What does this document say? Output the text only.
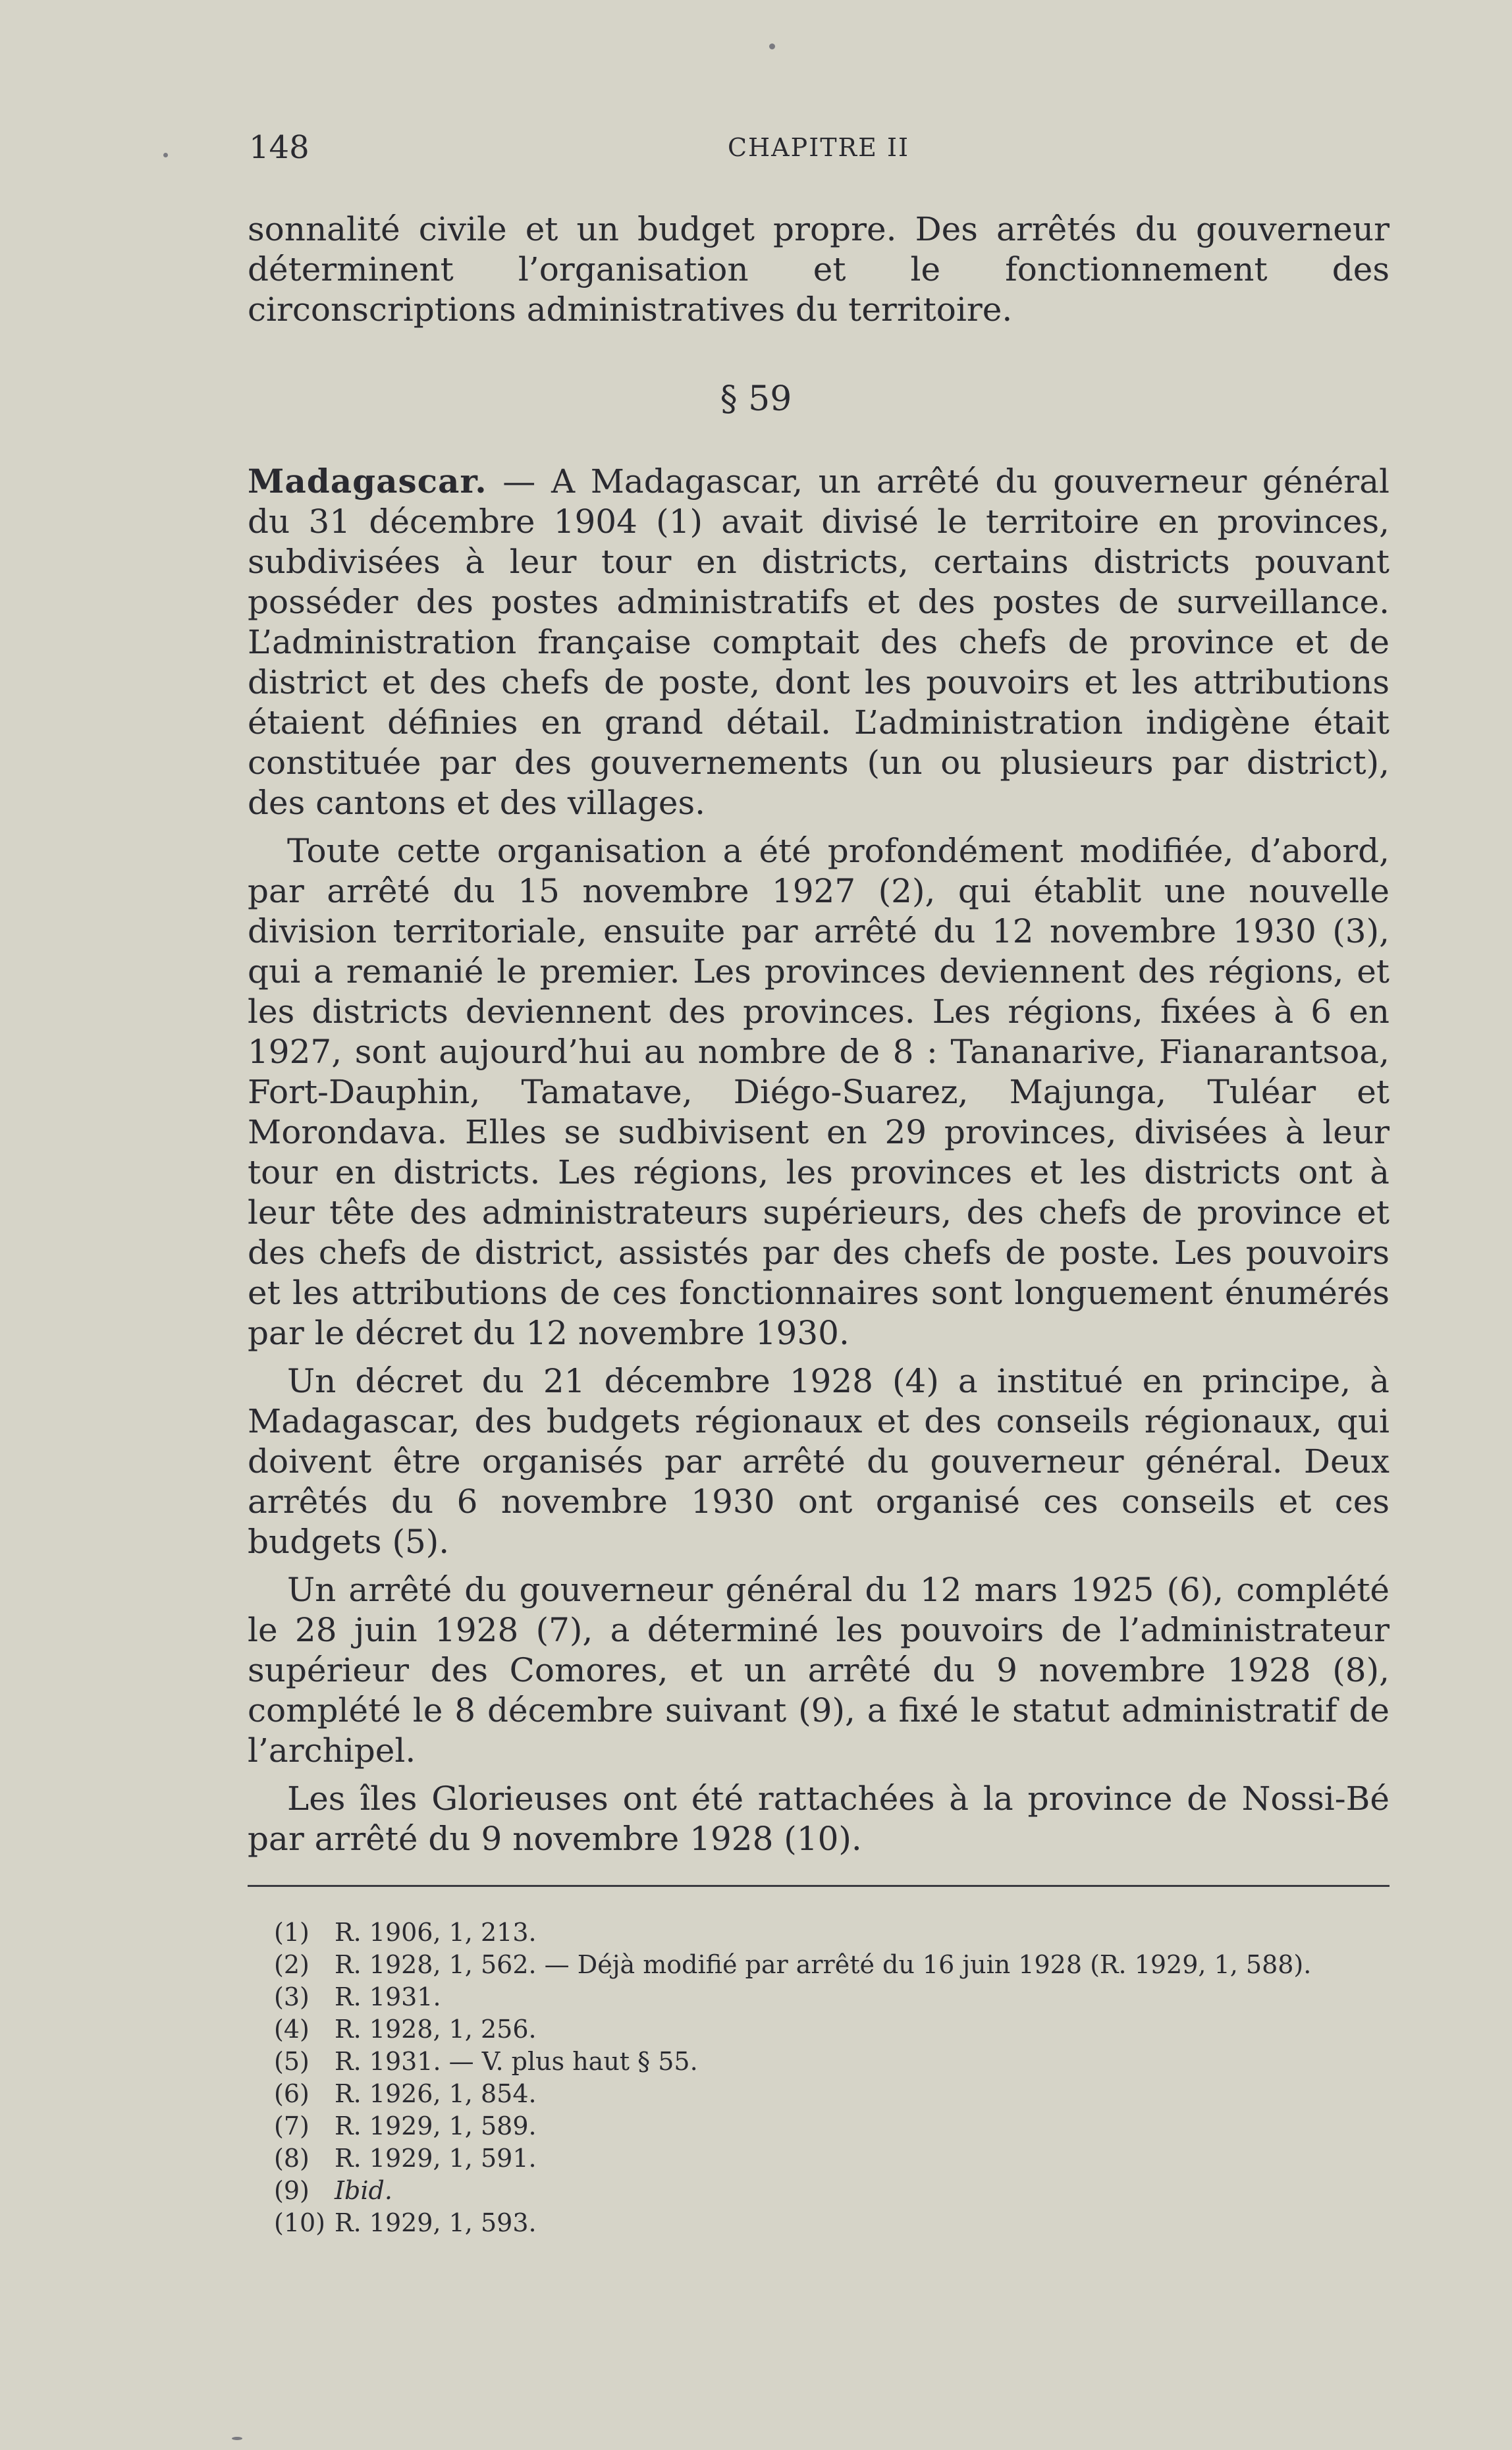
148	CHAPITRE II

sonnalité civile et un budget propre. Des arrêtés du gouverneur déterminent l’organisation et le fonctionnement des circonscriptions administratives du territoire.

§ 59

Madagascar. — A Madagascar, un arrêté du gouverneur général du 31 décembre 1904 (1) avait divisé le territoire en provinces, subdivisées à leur tour en districts, certains districts pouvant posséder des postes administratifs et des postes de surveillance. L’administration française comptait des chefs de province et de district et des chefs de poste, dont les pouvoirs et les attributions étaient définies en grand détail. L’administration indigène était constituée par des gouvernements (un ou plusieurs par district), des cantons et des villages.

Toute cette organisation a été profondément modifiée, d’abord, par arrêté du 15 novembre 1927 (2), qui établit une nouvelle division territoriale, ensuite par arrêté du 12 novembre 1930 (3), qui a remanié le premier. Les provinces deviennent des régions, et les districts deviennent des provinces. Les régions, fixées à 6 en 1927, sont aujourd’hui au nombre de 8 : Tananarive, Fianarantsoa, Fort-Dauphin, Tamatave, Diégo-Suarez, Majunga, Tuléar et Morondava. Elles se sudbivisent en 29 provinces, divisées à leur tour en districts. Les régions, les provinces et les districts ont à leur tête des administrateurs supérieurs, des chefs de province et des chefs de district, assistés par des chefs de poste. Les pouvoirs et les attributions de ces fonctionnaires sont longuement énumérés par le décret du 12 novembre 1930.

Un décret du 21 décembre 1928 (4) a institué en principe, à Madagascar, des budgets régionaux et des conseils régionaux, qui doivent être organisés par arrêté du gouverneur général. Deux arrêtés du 6 novembre 1930 ont organisé ces conseils et ces budgets (5).

Un arrêté du gouverneur général du 12 mars 1925 (6), complété le 28 juin 1928 (7), a déterminé les pouvoirs de l’administrateur supérieur des Comores, et un arrêté du 9 novembre 1928 (8), complété le 8 décembre suivant (9), a fixé le statut administratif de l’archipel.

Les îles Glorieuses ont été rattachées à la province de Nossi-Bé par arrêté du 9 novembre 1928 (10).

(1) R. 1906, 1, 213.
(2) R. 1928, 1, 562. — Déjà modifié par arrêté du 16 juin 1928 (R. 1929, 1, 588).
(3) R. 1931.
(4) R. 1928, 1, 256.
(5) R. 1931. — V. plus haut § 55.
(6) R. 1926, 1, 854.
(7) R. 1929, 1, 589.
(8) R. 1929, 1, 591.
(9) Ibid.
(10) R. 1929, 1, 593.
